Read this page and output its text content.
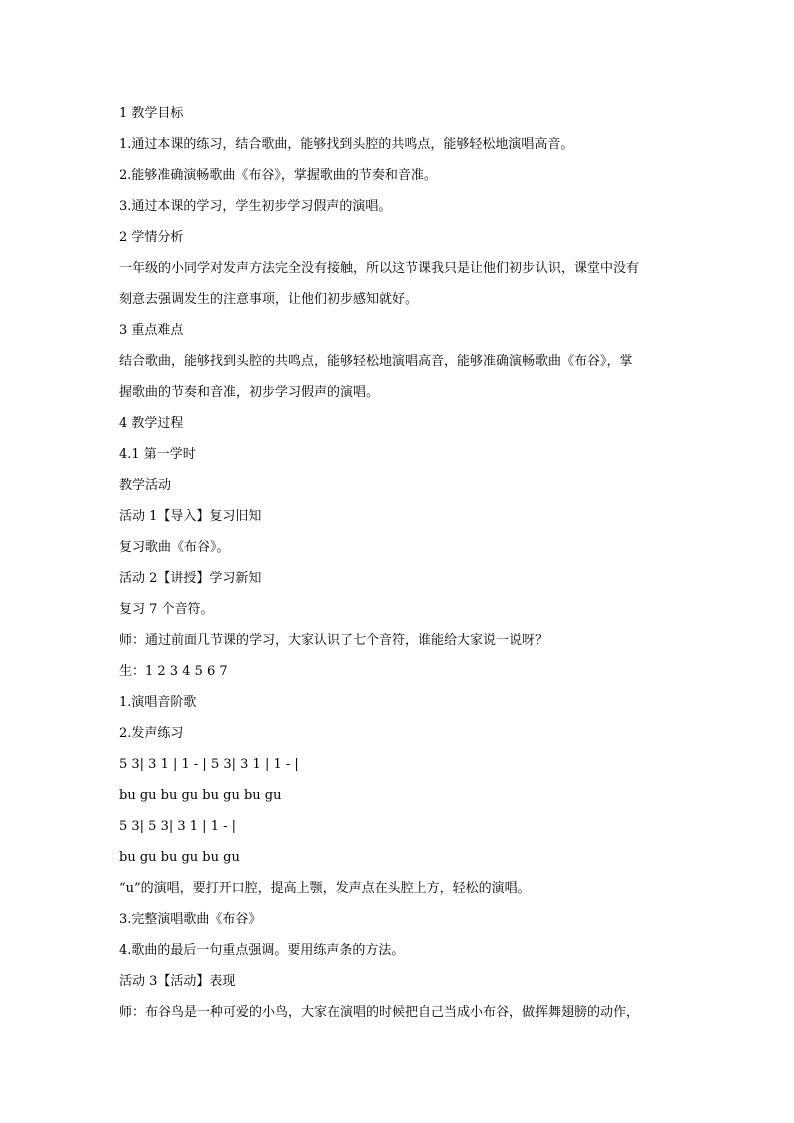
1 教学目标
1.通过本课的练习，结合歌曲，能够找到头腔的共鸣点，能够轻松地演唱高音。
2.能够准确演畅歌曲《布谷》，掌握歌曲的节奏和音准。
3.通过本课的学习，学生初步学习假声的演唱。
2 学情分析
一年级的小同学对发声方法完全没有接触，所以这节课我只是让他们初步认识，课堂中没有
刻意去强调发生的注意事项，让他们初步感知就好。
3 重点难点
结合歌曲，能够找到头腔的共鸣点，能够轻松地演唱高音，能够准确演畅歌曲《布谷》，掌
握歌曲的节奏和音准，初步学习假声的演唱。
4 教学过程
4.1 第一学时
教学活动
活动 1【导入】复习旧知
复习歌曲《布谷》。
活动 2【讲授】学习新知
复习 7 个音符。
师：通过前面几节课的学习，大家认识了七个音符，谁能给大家说一说呀？
生：1 2 3 4 5 6 7
1.演唱音阶歌
2.发声练习
5 3| 3 1 | 1 - | 5 3| 3 1 | 1 - |
bu gu bu gu bu gu bu gu
5 3| 5 3| 3 1 | 1 - |
bu gu bu gu bu gu
“u”的演唱，要打开口腔，提高上颚，发声点在头腔上方，轻松的演唱。
3.完整演唱歌曲《布谷》
4.歌曲的最后一句重点强调。要用练声条的方法。
活动 3【活动】表现
师：布谷鸟是一种可爱的小鸟，大家在演唱的时候把自己当成小布谷，做挥舞翅膀的动作，
